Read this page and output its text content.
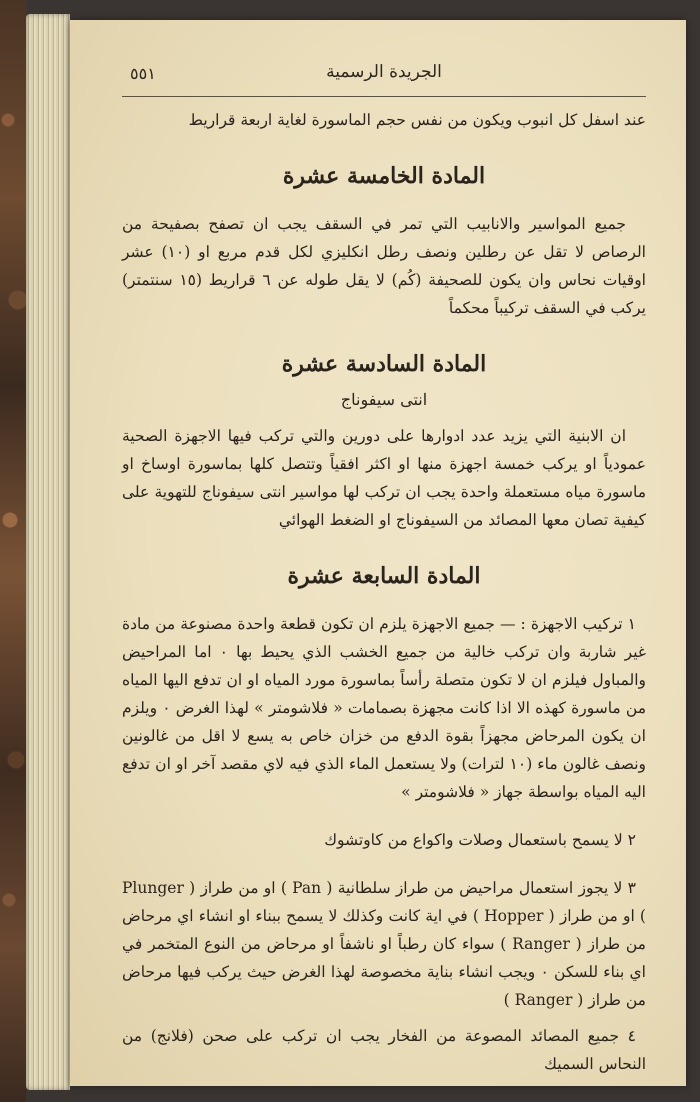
٥٥١	الجريدة الرسمية

عند اسفل كل انبوب ويكون من نفس حجم الماسورة لغاية اربعة قراريط

المادة الخامسة عشرة

جميع المواسير والانابيب التي تمر في السقف يجب ان تصفح بصفيحة من الرصاص لا تقل عن رطلين ونصف رطل انكليزي لكل قدم مربع او (١٠) عشر اوقيات نحاس وان يكون للصحيفة (كُم) لا يقل طوله عن ٦ قراريط (١٥ سنتمتر) يركب في السقف تركيباً محكماً

المادة السادسة عشرة

انتى سيفوناج

ان الابنية التي يزيد عدد ادوارها على دورين والتي تركب فيها الاجهزة الصحية عمودياً او يركب خمسة اجهزة منها او اكثر افقياً وتتصل كلها بماسورة اوساخ او ماسورة مياه مستعملة واحدة يجب ان تركب لها مواسير انتى سيفوناج للتهوية على كيفية تصان معها المصائد من السيفوناج او الضغط الهوائي

المادة السابعة عشرة

١ تركيب الاجهزة : — جميع الاجهزة يلزم ان تكون قطعة واحدة مصنوعة من مادة غير شاربة وان تركب خالية من جميع الخشب الذي يحيط بها ٠ اما المراحيض والمباول فيلزم ان لا تكون متصلة رأساً بماسورة مورد المياه او ان تدفع اليها المياه من ماسورة كهذه الا اذا كانت مجهزة بصمامات « فلاشومتر » لهذا الغرض ٠ ويلزم ان يكون المرحاض مجهزاً بقوة الدفع من خزان خاص به يسع لا اقل من غالونين ونصف غالون ماء (١٠ لترات) ولا يستعمل الماء الذي فيه لاي مقصد آخر او ان تدفع اليه المياه بواسطة جهاز « فلاشومتر »

٢ لا يسمح باستعمال وصلات واكواع من كاوتشوك

٣ لا يجوز استعمال مراحيض من طراز سلطانية ( Pan ) او من طراز ( Plunger ) او من طراز ( Hopper ) في اية كانت وكذلك لا يسمح ببناء او انشاء اي مرحاض من طراز ( Ranger ) سواء كان رطباً او ناشفاً او مرحاض من النوع المتخمر في اي بناء للسكن ٠ ويجب انشاء بناية مخصوصة لهذا الغرض حيث يركب فيها مرحاض من طراز ( Ranger )

٤ جميع المصائد المصوعة من الفخار يجب ان تركب على صحن (فلانج) من النحاس السميك
